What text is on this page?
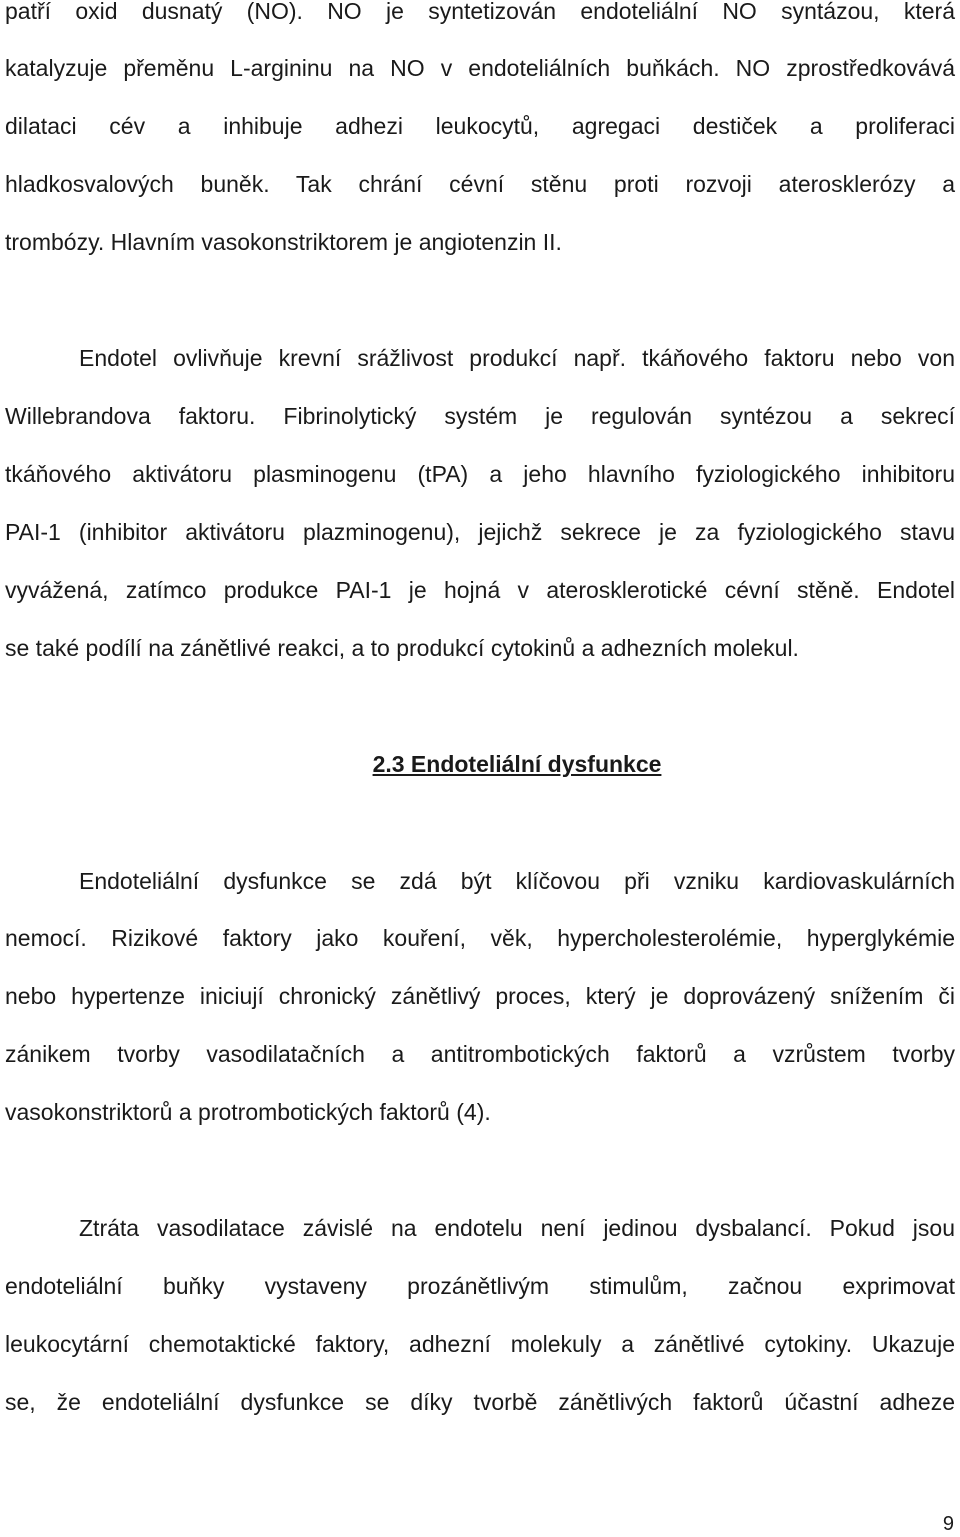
patří oxid dusnatý (NO). NO je syntetizován endoteliální NO syntázou, která
katalyzuje přeměnu L-argininu na NO v endoteliálních buňkách. NO zprostředkovává
dilataci cév a inhibuje adhezi leukocytů, agregaci destiček a proliferaci
hladkosvalových buněk. Tak chrání cévní stěnu proti rozvoji aterosklerózy a
trombózy. Hlavním vasokonstriktorem je angiotenzin II.
Endotel ovlivňuje krevní srážlivost produkcí např. tkáňového faktoru nebo von
Willebrandova faktoru. Fibrinolytický systém je regulován syntézou a sekrecí
tkáňového aktivátoru plasminogenu (tPA) a jeho hlavního fyziologického inhibitoru
PAI-1 (inhibitor aktivátoru plazminogenu), jejichž sekrece je za fyziologického stavu
vyvážená, zatímco produkce PAI-1 je hojná v aterosklerotické cévní stěně. Endotel
se také podílí na zánětlivé reakci, a to produkcí cytokinů a adhezních molekul.
2.3 Endoteliální dysfunkce
Endoteliální dysfunkce se zdá být klíčovou při vzniku kardiovaskulárních
nemocí. Rizikové faktory jako kouření, věk, hypercholesterolémie, hyperglykémie
nebo hypertenze iniciují chronický zánětlivý proces, který je doprovázený snížením či
zánikem tvorby vasodilatačních a antitrombotických faktorů a vzrůstem tvorby
vasokonstriktorů a protrombotických faktorů (4).
Ztráta vasodilatace závislé na endotelu není jedinou dysbalancí. Pokud jsou
endoteliální buňky vystaveny prozánětlivým stimulům, začnou exprimovat
leukocytární chemotaktické faktory, adhezní molekuly a zánětlivé cytokiny. Ukazuje
se, že endoteliální dysfunkce se díky tvorbě zánětlivých faktorů účastní adheze
9
